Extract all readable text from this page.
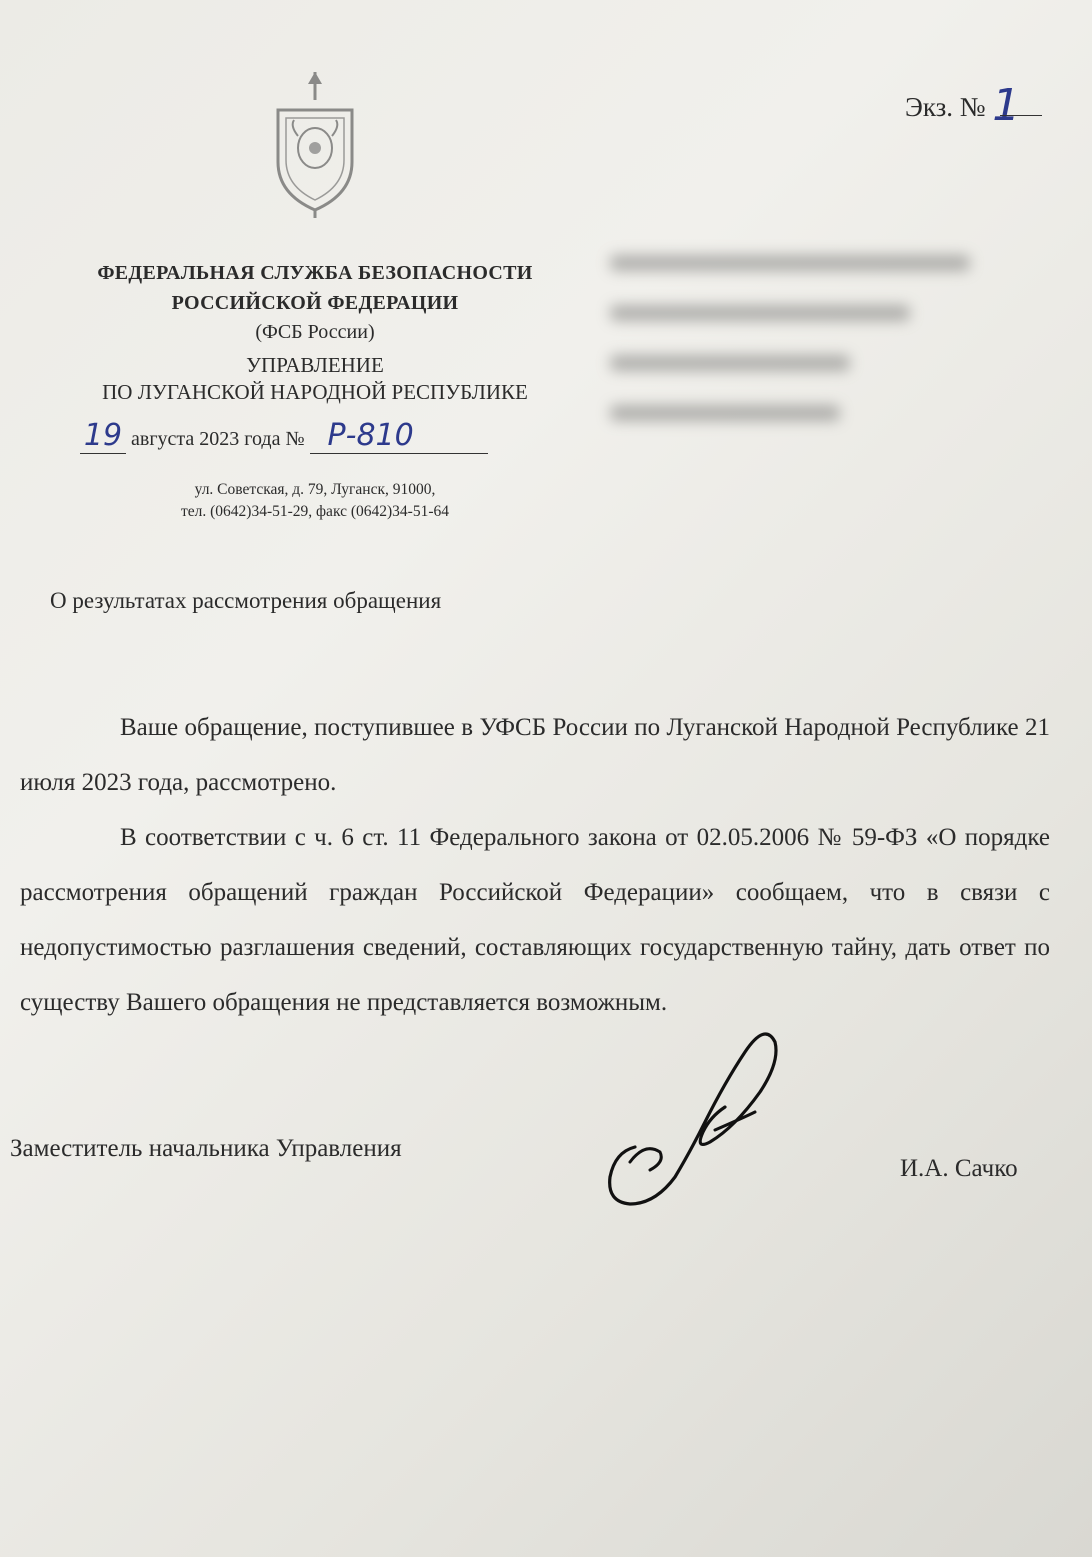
Экз. № 1
ФЕДЕРАЛЬНАЯ СЛУЖБА БЕЗОПАСНОСТИ
РОССИЙСКОЙ ФЕДЕРАЦИИ
(ФСБ России)
УПРАВЛЕНИЕ
ПО ЛУГАНСКОЙ НАРОДНОЙ РЕСПУБЛИКЕ
19 августа 2023 года № Р-810
ул. Советская, д. 79, Луганск, 91000,
тел. (0642)34-51-29, факс (0642)34-51-64
О результатах рассмотрения обращения

Ваше обращение, поступившее в УФСБ России по Луганской Народной Республике 21 июля 2023 года, рассмотрено.

В соответствии с ч. 6 ст. 11 Федерального закона от 02.05.2006 № 59-ФЗ «О порядке рассмотрения обращений граждан Российской Федерации» сообщаем, что в связи с недопустимостью разглашения сведений, составляющих государственную тайну, дать ответ по существу Вашего обращения не представляется возможным.

Заместитель начальника Управления
И.А. Сачко
